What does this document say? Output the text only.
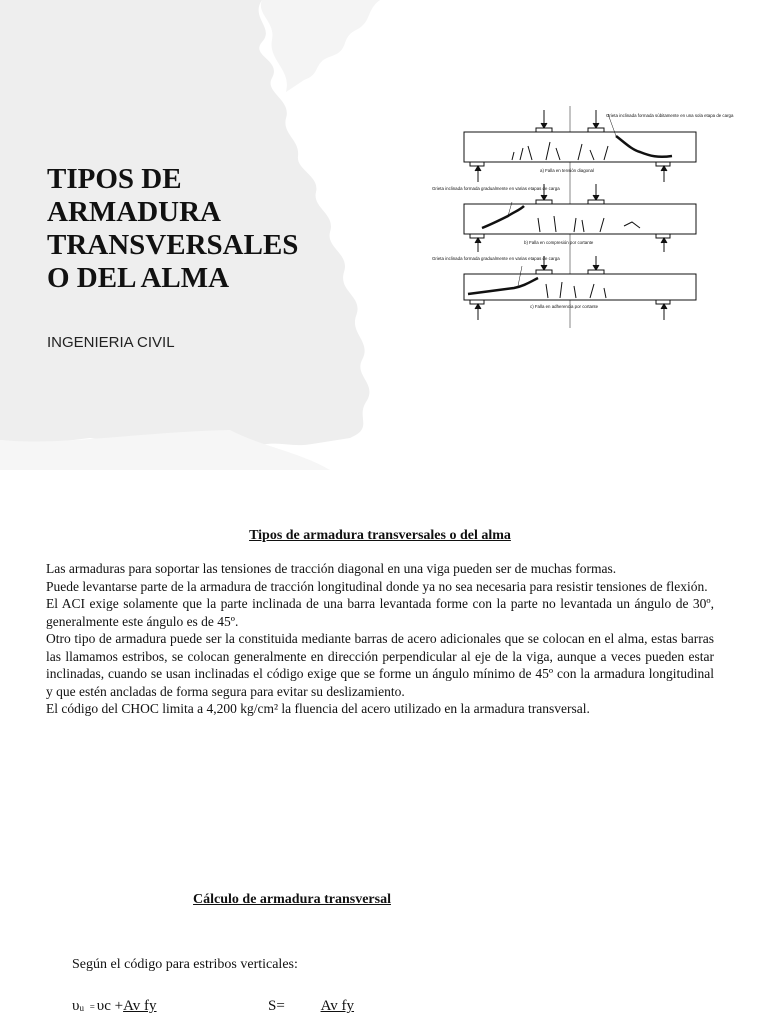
TIPOS DE
ARMADURA
TRANSVERSALES
O DEL ALMA

INGENIERIA CIVIL

Grieta inclinada formada súbitamente en una sola etapa de carga
a) Falla en tensión diagonal
Grieta inclinada formada gradualmente en varias etapas de carga
b) Falla en compresión por cortante
Grieta inclinada formada gradualmente en varias etapas de carga
c) Falla en adherencia por cortante
Tipos de armadura transversales o del alma

Las armaduras para soportar las tensiones de tracción diagonal en una viga pueden ser de muchas formas.

Puede levantarse parte de la armadura de tracción longitudinal donde ya no sea necesaria para resistir tensiones de flexión.

El ACI exige solamente que la parte inclinada de una barra levantada forme con la parte no levantada un ángulo de 30º, generalmente este ángulo es de 45º.

Otro tipo de armadura puede ser la constituida mediante barras de acero adicionales que se colocan en el alma, estas barras las llamamos estribos, se colocan generalmente en dirección perpendicular al eje de la viga, aunque a veces pueden estar inclinadas, cuando se usan inclinadas el código exige que se forme un ángulo mínimo de 45º con la armadura longitudinal y que estén ancladas de forma segura para evitar su deslizamiento.

El código del CHOC limita a 4,200 kg/cm² la fluencia del acero utilizado en la armadura transversal.

Cálculo de armadura transversal

Según el código para estribos verticales:

υu = υc +Av fy	S= Av fy
